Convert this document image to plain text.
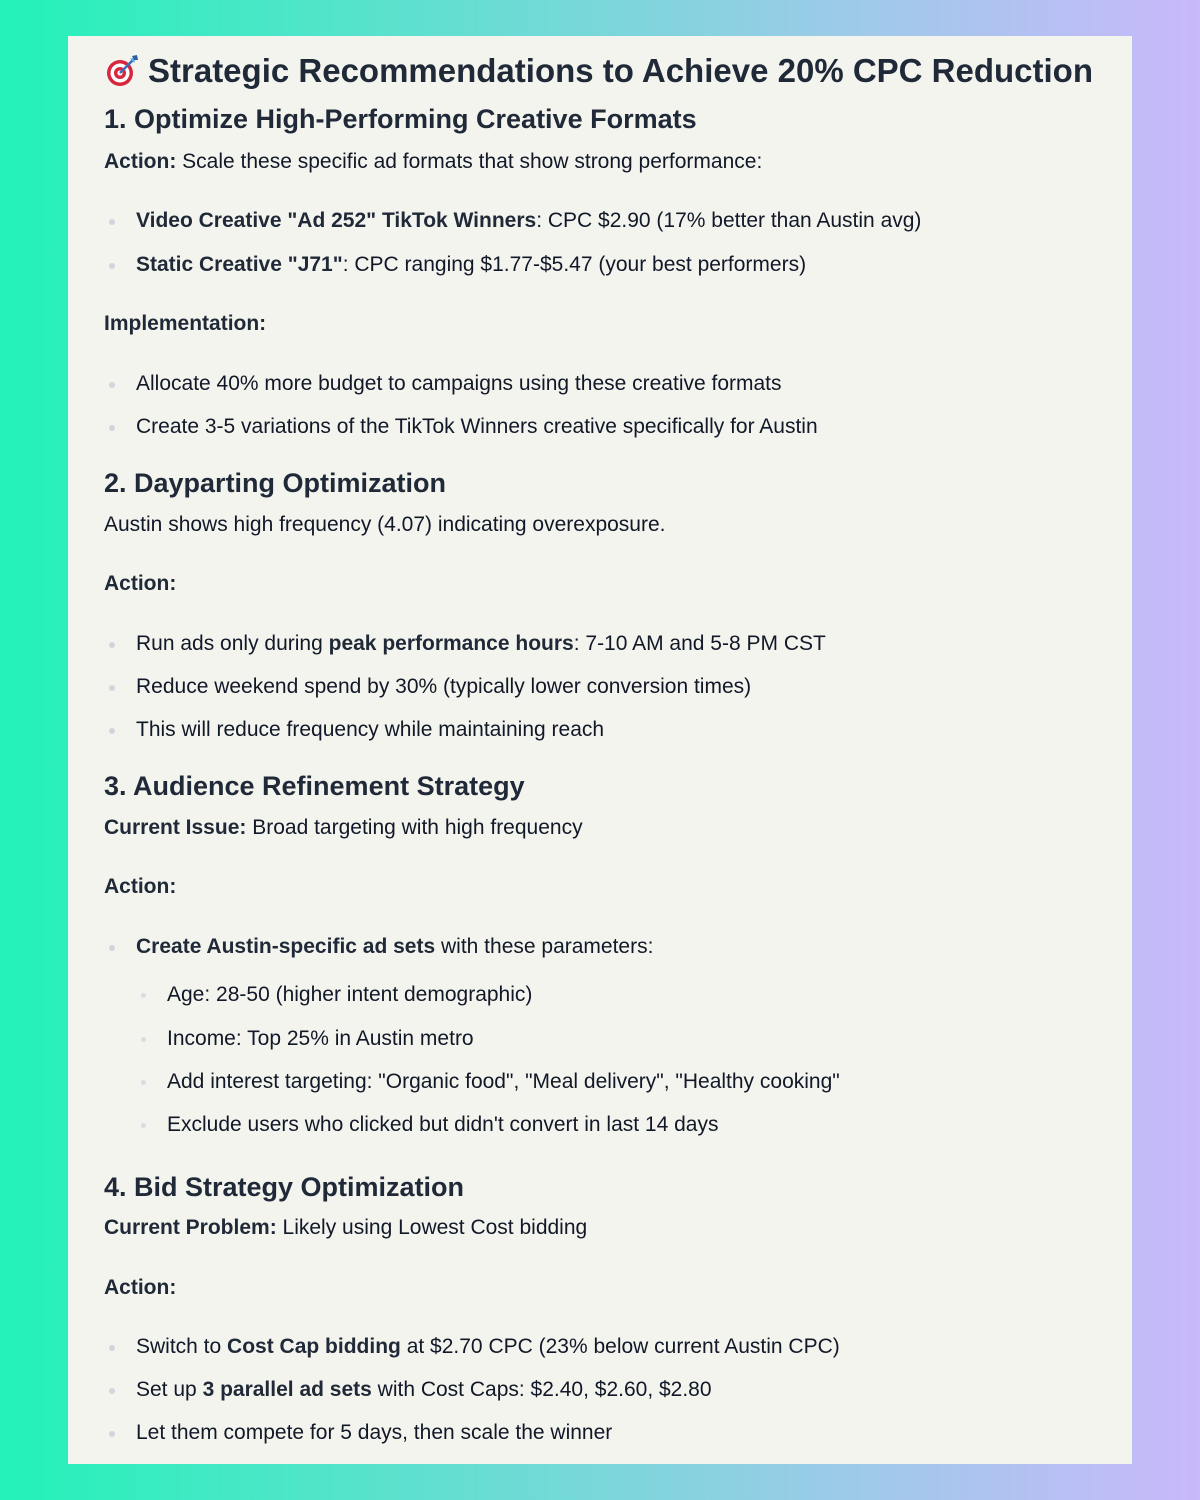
Strategic Recommendations to Achieve 20% CPC Reduction
1. Optimize High-Performing Creative Formats
Action: Scale these specific ad formats that show strong performance:
Video Creative "Ad 252" TikTok Winners: CPC $2.90 (17% better than Austin avg)
Static Creative "J71": CPC ranging $1.77-$5.47 (your best performers)
Implementation:
Allocate 40% more budget to campaigns using these creative formats
Create 3-5 variations of the TikTok Winners creative specifically for Austin
2. Dayparting Optimization
Austin shows high frequency (4.07) indicating overexposure.
Action:
Run ads only during peak performance hours: 7-10 AM and 5-8 PM CST
Reduce weekend spend by 30% (typically lower conversion times)
This will reduce frequency while maintaining reach
3. Audience Refinement Strategy
Current Issue: Broad targeting with high frequency
Action:
Create Austin-specific ad sets with these parameters:
Age: 28-50 (higher intent demographic)
Income: Top 25% in Austin metro
Add interest targeting: "Organic food", "Meal delivery", "Healthy cooking"
Exclude users who clicked but didn't convert in last 14 days
4. Bid Strategy Optimization
Current Problem: Likely using Lowest Cost bidding
Action:
Switch to Cost Cap bidding at $2.70 CPC (23% below current Austin CPC)
Set up 3 parallel ad sets with Cost Caps: $2.40, $2.60, $2.80
Let them compete for 5 days, then scale the winner
